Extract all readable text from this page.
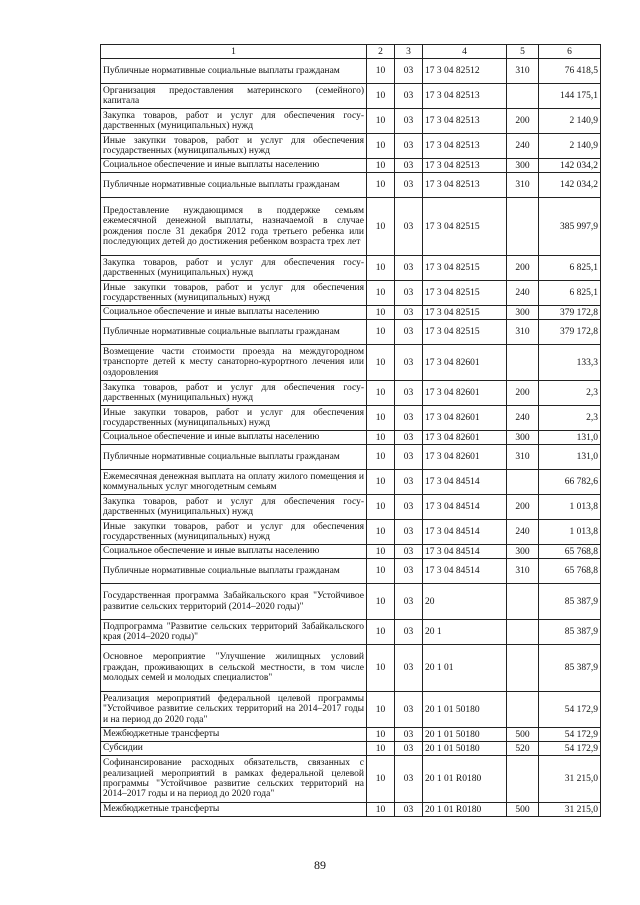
1	2	3	4	5	6
Публичные нормативные социальные выплаты гражданам	10	03	17 3 04 82512	310	76 418,5
Организация предоставления материнского (семейного) капитала	10	03	17 3 04 82513		144 175,1
Закупка товаров, работ и услуг для обеспечения государственных (муниципальных) нужд	10	03	17 3 04 82513	200	2 140,9
Иные закупки товаров, работ и услуг для обеспечения государственных (муниципальных) нужд	10	03	17 3 04 82513	240	2 140,9
Социальное обеспечение и иные выплаты населению	10	03	17 3 04 82513	300	142 034,2
Публичные нормативные социальные выплаты гражданам	10	03	17 3 04 82513	310	142 034,2
Предоставление нуждающимся в поддержке семьям ежемесячной денежной выплаты, назначаемой в случае рождения после 31 декабря 2012 года третьего ребенка или последующих детей до достижения ребенком возраста трех лет	10	03	17 3 04 82515		385 997,9
Закупка товаров, работ и услуг для обеспечения государственных (муниципальных) нужд	10	03	17 3 04 82515	200	6 825,1
Иные закупки товаров, работ и услуг для обеспечения государственных (муниципальных) нужд	10	03	17 3 04 82515	240	6 825,1
Социальное обеспечение и иные выплаты населению	10	03	17 3 04 82515	300	379 172,8
Публичные нормативные социальные выплаты гражданам	10	03	17 3 04 82515	310	379 172,8
Возмещение части стоимости проезда на междугородном транспорте детей к месту санаторно-курортного лечения или оздоровления	10	03	17 3 04 82601		133,3
Закупка товаров, работ и услуг для обеспечения государственных (муниципальных) нужд	10	03	17 3 04 82601	200	2,3
Иные закупки товаров, работ и услуг для обеспечения государственных (муниципальных) нужд	10	03	17 3 04 82601	240	2,3
Социальное обеспечение и иные выплаты населению	10	03	17 3 04 82601	300	131,0
Публичные нормативные социальные выплаты гражданам	10	03	17 3 04 82601	310	131,0
Ежемесячная денежная выплата на оплату жилого помещения и коммунальных услуг многодетным семьям	10	03	17 3 04 84514		66 782,6
Закупка товаров, работ и услуг для обеспечения государственных (муниципальных) нужд	10	03	17 3 04 84514	200	1 013,8
Иные закупки товаров, работ и услуг для обеспечения государственных (муниципальных) нужд	10	03	17 3 04 84514	240	1 013,8
Социальное обеспечение и иные выплаты населению	10	03	17 3 04 84514	300	65 768,8
Публичные нормативные социальные выплаты гражданам	10	03	17 3 04 84514	310	65 768,8
Государственная программа Забайкальского края "Устойчивое развитие сельских территорий (2014–2020 годы)"	10	03	20		85 387,9
Подпрограмма "Развитие сельских территорий Забайкальского края (2014–2020 годы)"	10	03	20 1		85 387,9
Основное мероприятие "Улучшение жилищных условий граждан, проживающих в сельской местности, в том числе молодых семей и молодых специалистов"	10	03	20 1 01		85 387,9
Реализация мероприятий федеральной целевой программы "Устойчивое развитие сельских территорий на 2014–2017 годы и на период до 2020 года"	10	03	20 1 01 50180		54 172,9
Межбюджетные трансферты	10	03	20 1 01 50180	500	54 172,9
Субсидии	10	03	20 1 01 50180	520	54 172,9
Софинансирование расходных обязательств, связанных с реализацией мероприятий в рамках федеральной целевой программы "Устойчивое развитие сельских территорий на 2014–2017 годы и на период до 2020 года"	10	03	20 1 01 R0180		31 215,0
Межбюджетные трансферты	10	03	20 1 01 R0180	500	31 215,0
89
